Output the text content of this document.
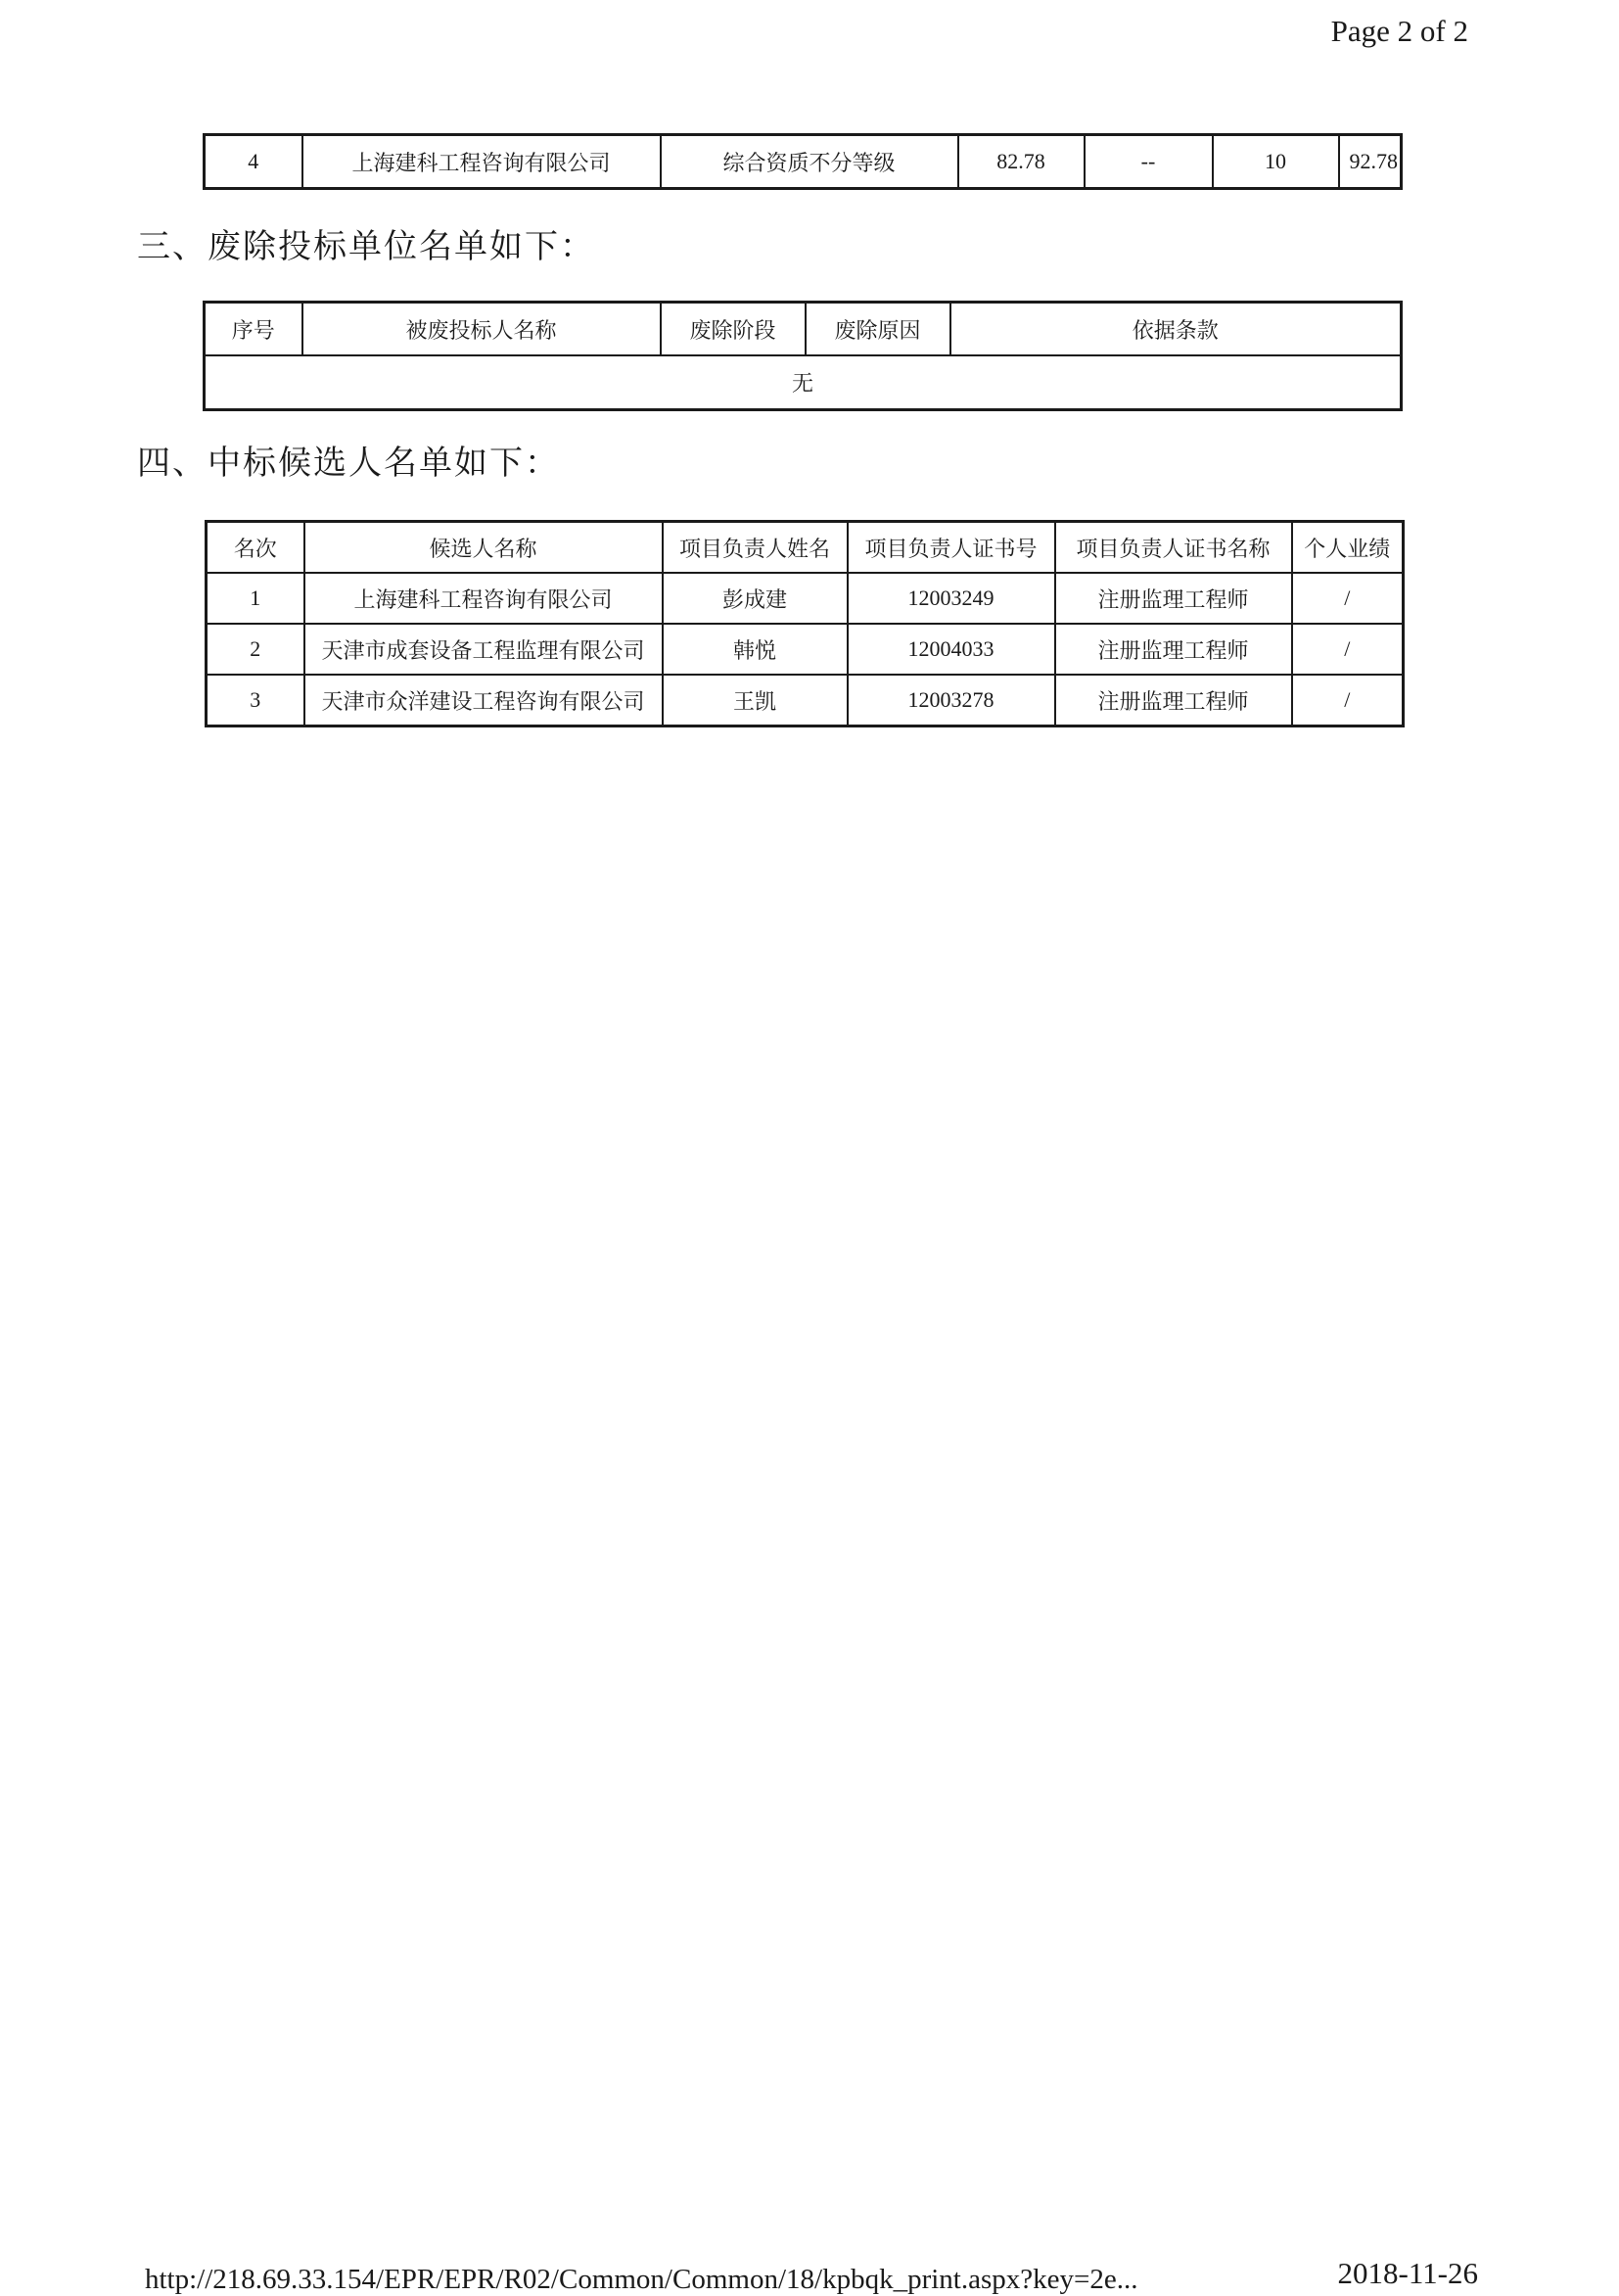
Page 2 of 2
4	上海建科工程咨询有限公司	综合资质不分等级	82.78	--	10	92.78
三、废除投标单位名单如下：
序号	被废投标人名称	废除阶段	废除原因	依据条款
无
四、中标候选人名单如下：
名次	候选人名称	项目负责人姓名	项目负责人证书号	项目负责人证书名称	个人业绩
1	上海建科工程咨询有限公司	彭成建	12003249	注册监理工程师	/
2	天津市成套设备工程监理有限公司	韩悦	12004033	注册监理工程师	/
3	天津市众洋建设工程咨询有限公司	王凯	12003278	注册监理工程师	/
http://218.69.33.154/EPR/EPR/R02/Common/Common/18/kpbqk_print.aspx?key=2e...	2018-11-26
